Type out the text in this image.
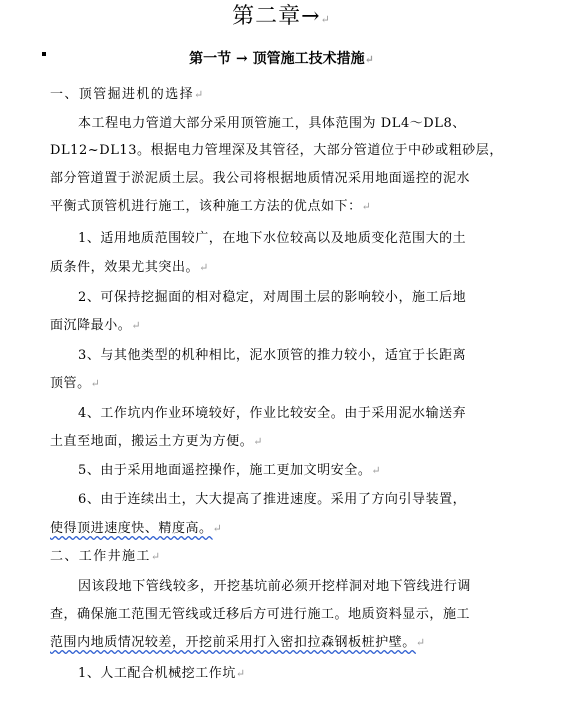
第二章→↵
第一节 → 顶管施工技术措施↵
一、顶管掘进机的选择↵
本工程电力管道大部分采用顶管施工，具体范围为 DL4～DL8、
DL12~DL13。根据电力管埋深及其管径，大部分管道位于中砂或粗砂层，
部分管道置于淤泥质土层。我公司将根据地质情况采用地面遥控的泥水
平衡式顶管机进行施工，该种施工方法的优点如下：↵
1、适用地质范围较广，在地下水位较高以及地质变化范围大的土
质条件，效果尤其突出。↵
2、可保持挖掘面的相对稳定，对周围土层的影响较小，施工后地
面沉降最小。↵
3、与其他类型的机种相比，泥水顶管的推力较小，适宜于长距离
顶管。↵
4、工作坑内作业环境较好，作业比较安全。由于采用泥水输送弃
土直至地面，搬运土方更为方便。↵
5、由于采用地面遥控操作，施工更加文明安全。↵
6、由于连续出土，大大提高了推进速度。采用了方向引导装置，
使得顶进速度快、精度高。↵
二、工作井施工↵
因该段地下管线较多，开挖基坑前必须开挖样洞对地下管线进行调
查，确保施工范围无管线或迁移后方可进行施工。地质资料显示，施工
范围内地质情况较差，开挖前采用打入密扣拉森钢板桩护壁。↵
1、人工配合机械挖工作坑↵
